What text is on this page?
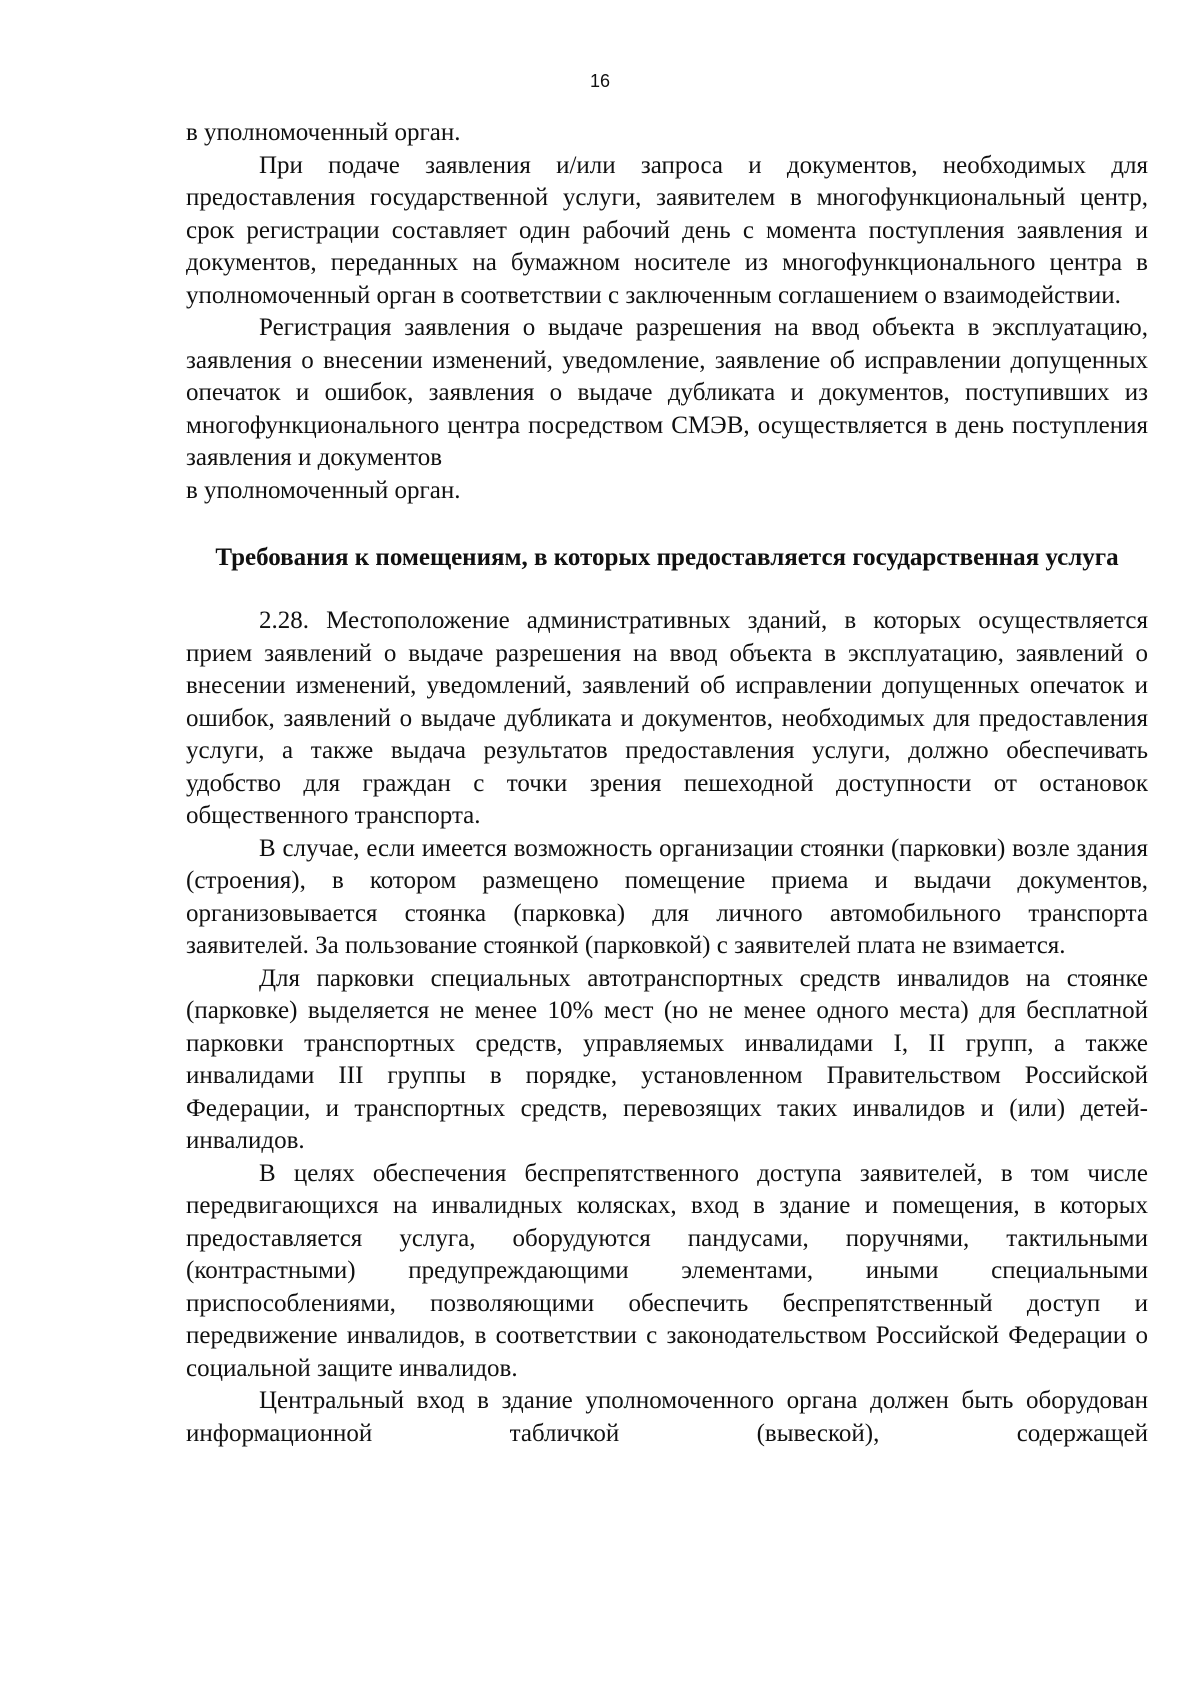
16

в уполномоченный орган.

При подаче заявления и/или запроса и документов, необходимых для предоставления государственной услуги, заявителем в многофункциональный центр, срок регистрации составляет один рабочий день с момента поступления заявления и документов, переданных на бумажном носителе из многофункционального центра в уполномоченный орган в соответствии с заключенным соглашением о взаимодействии.

Регистрация заявления о выдаче разрешения на ввод объекта в эксплуатацию, заявления о внесении изменений, уведомление, заявление об исправлении допущенных опечаток и ошибок, заявления о выдаче дубликата и документов, поступивших из многофункционального центра посредством СМЭВ, осуществляется в день поступления заявления и документов

в уполномоченный орган.

Требования к помещениям, в которых предоставляется государственная услуга

2.28. Местоположение административных зданий, в которых осуществляется прием заявлений о выдаче разрешения на ввод объекта в эксплуатацию, заявлений о внесении изменений, уведомлений, заявлений об исправлении допущенных опечаток и ошибок, заявлений о выдаче дубликата и документов, необходимых для предоставления услуги, а также выдача результатов предоставления услуги, должно обеспечивать удобство для граждан с точки зрения пешеходной доступности от остановок общественного транспорта.

В случае, если имеется возможность организации стоянки (парковки) возле здания (строения), в котором размещено помещение приема и выдачи документов, организовывается стоянка (парковка) для личного автомобильного транспорта заявителей. За пользование стоянкой (парковкой) с заявителей плата не взимается.

Для парковки специальных автотранспортных средств инвалидов на стоянке (парковке) выделяется не менее 10% мест (но не менее одного места) для бесплатной парковки транспортных средств, управляемых инвалидами I, II групп, а также инвалидами III группы в порядке, установленном Правительством Российской Федерации, и транспортных средств, перевозящих таких инвалидов и (или) детей-инвалидов.

В целях обеспечения беспрепятственного доступа заявителей, в том числе передвигающихся на инвалидных колясках, вход в здание и помещения, в которых предоставляется услуга, оборудуются пандусами, поручнями, тактильными (контрастными) предупреждающими элементами, иными специальными приспособлениями, позволяющими обеспечить беспрепятственный доступ и передвижение инвалидов, в соответствии с законодательством Российской Федерации о социальной защите инвалидов.

Центральный вход в здание уполномоченного органа должен быть оборудован информационной табличкой (вывеской), содержащей
